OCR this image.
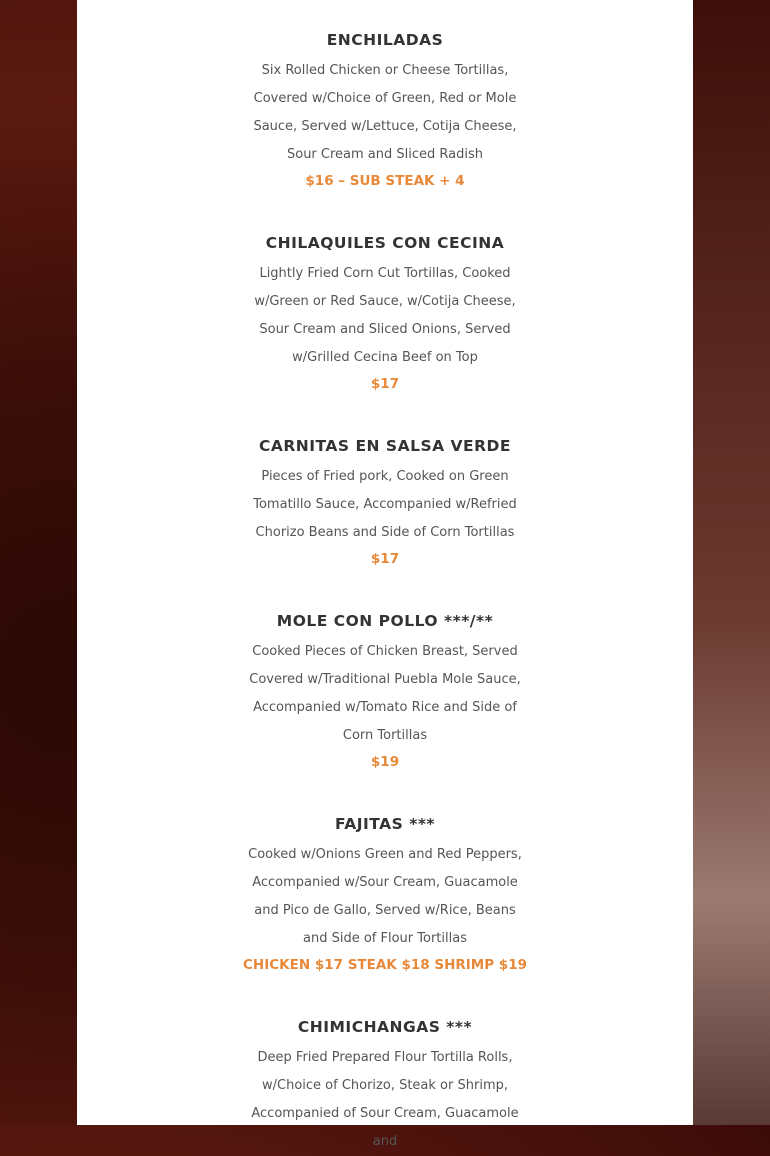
ENCHILADAS

Six Rolled Chicken or Cheese Tortillas, Covered w/Choice of Green, Red or Mole Sauce, Served w/Lettuce, Cotija Cheese, Sour Cream and Sliced Radish

$16 – SUB STEAK + 4
CHILAQUILES CON CECINA

Lightly Fried Corn Cut Tortillas, Cooked w/Green or Red Sauce, w/Cotija Cheese, Sour Cream and Sliced Onions, Served w/Grilled Cecina Beef on Top

$17
CARNITAS EN SALSA VERDE

Pieces of Fried pork, Cooked on Green Tomatillo Sauce, Accompanied w/Refried Chorizo Beans and Side of Corn Tortillas

$17
MOLE CON POLLO ***/**

Cooked Pieces of Chicken Breast, Served Covered w/Traditional Puebla Mole Sauce, Accompanied w/Tomato Rice and Side of Corn Tortillas

$19
FAJITAS ***

Cooked w/Onions Green and Red Peppers, Accompanied w/Sour Cream, Guacamole and Pico de Gallo, Served w/Rice, Beans and Side of Flour Tortillas

CHICKEN $17 STEAK $18 SHRIMP $19
CHIMICHANGAS ***

Deep Fried Prepared Flour Tortilla Rolls, w/Choice of Chorizo, Steak or Shrimp, Accompanied of Sour Cream, Guacamole and
